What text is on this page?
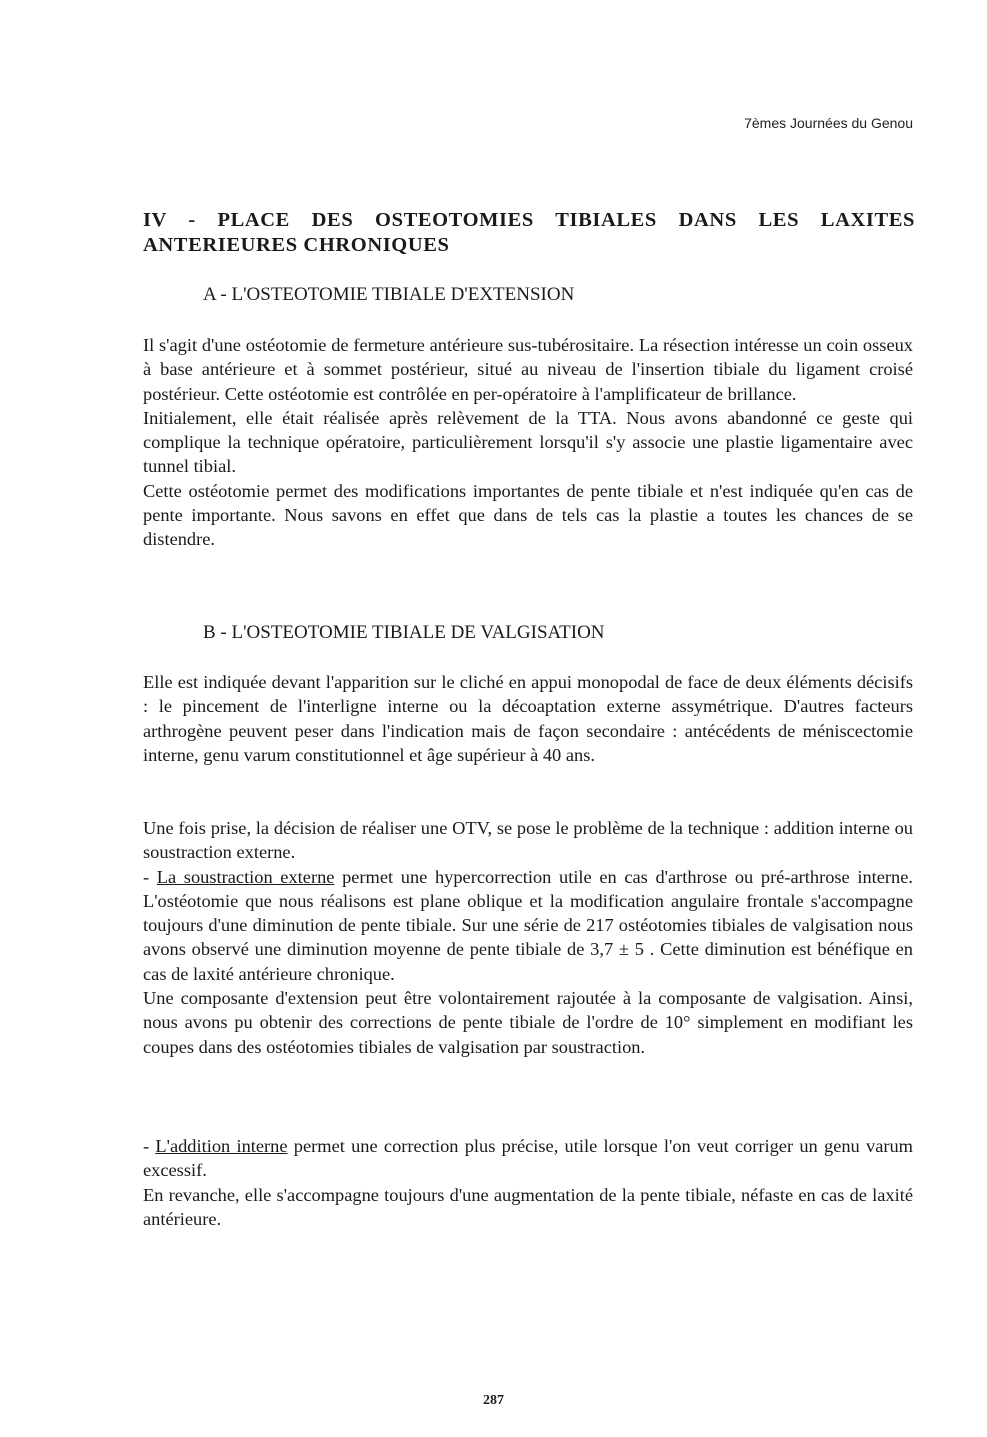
7èmes Journées du Genou
IV - PLACE DES OSTEOTOMIES TIBIALES DANS LES LAXITES ANTERIEURES CHRONIQUES
A - L'OSTEOTOMIE TIBIALE D'EXTENSION
Il s'agit d'une ostéotomie de fermeture antérieure sus-tubérositaire. La résection intéresse un coin osseux à base antérieure et à sommet postérieur, situé au niveau de l'insertion tibiale du ligament croisé postérieur. Cette ostéotomie est contrôlée en per-opératoire à l'amplificateur de brillance.
Initialement, elle était réalisée après relèvement de la TTA. Nous avons abandonné ce geste qui complique la technique opératoire, particulièrement lorsqu'il s'y associe une plastie ligamentaire avec tunnel tibial.
Cette ostéotomie permet des modifications importantes de pente tibiale et n'est indiquée qu'en cas de pente importante. Nous savons en effet que dans de tels cas la plastie a toutes les chances de se distendre.
B - L'OSTEOTOMIE TIBIALE DE VALGISATION
Elle est indiquée devant l'apparition sur le cliché en appui monopodal de face de deux éléments décisifs : le pincement de l'interligne interne ou la décoaptation externe assymétrique. D'autres facteurs arthrogène peuvent peser dans l'indication mais de façon secondaire : antécédents de méniscectomie interne, genu varum constitutionnel et âge supérieur à 40 ans.
Une fois prise, la décision de réaliser une OTV, se pose le problème de la technique : addition interne ou soustraction externe.
- La soustraction externe permet une hypercorrection utile en cas d'arthrose ou pré-arthrose interne. L'ostéotomie que nous réalisons est plane oblique et la modification angulaire frontale s'accompagne toujours d'une diminution de pente tibiale. Sur une série de 217 ostéotomies tibiales de valgisation nous avons observé une diminution moyenne de pente tibiale de 3,7 ± 5 . Cette diminution est bénéfique en cas de laxité antérieure chronique.
Une composante d'extension peut être volontairement rajoutée à la composante de valgisation. Ainsi, nous avons pu obtenir des corrections de pente tibiale de l'ordre de 10° simplement en modifiant les coupes dans des ostéotomies tibiales de valgisation par soustraction.
- L'addition interne permet une correction plus précise, utile lorsque l'on veut corriger un genu varum excessif.
En revanche, elle s'accompagne toujours d'une augmentation de la pente tibiale, néfaste en cas de laxité antérieure.
287
